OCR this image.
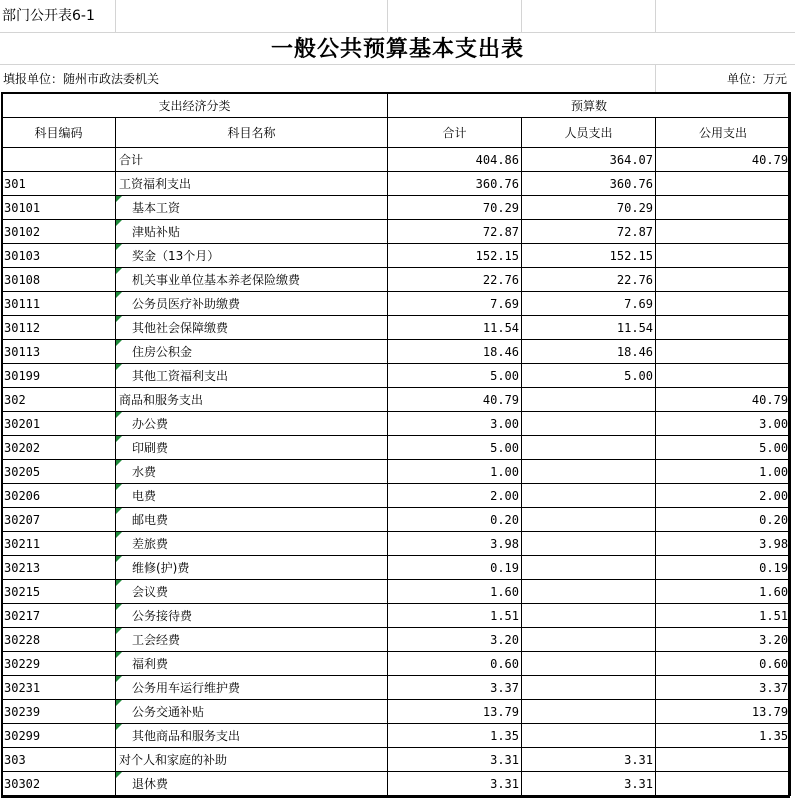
部门公开表6-1
一般公共预算基本支出表
填报单位：随州市政法委机关	单位：万元
支出经济分类		预算数		
科目编码	科目名称	合计	人员支出	公用支出
	合计	404.86	364.07	40.79
301	工资福利支出	360.76	360.76	
30101	基本工资	70.29	70.29	
30102	津贴补贴	72.87	72.87	
30103	奖金（13个月）	152.15	152.15	
30108	机关事业单位基本养老保险缴费	22.76	22.76	
30111	公务员医疗补助缴费	7.69	7.69	
30112	其他社会保障缴费	11.54	11.54	
30113	住房公积金	18.46	18.46	
30199	其他工资福利支出	5.00	5.00	
302	商品和服务支出	40.79		40.79
30201	办公费	3.00		3.00
30202	印刷费	5.00		5.00
30205	水费	1.00		1.00
30206	电费	2.00		2.00
30207	邮电费	0.20		0.20
30211	差旅费	3.98		3.98
30213	维修(护)费	0.19		0.19
30215	会议费	1.60		1.60
30217	公务接待费	1.51		1.51
30228	工会经费	3.20		3.20
30229	福利费	0.60		0.60
30231	公务用车运行维护费	3.37		3.37
30239	公务交通补贴	13.79		13.79
30299	其他商品和服务支出	1.35		1.35
303	对个人和家庭的补助	3.31	3.31	
30302	退休费	3.31	3.31	
